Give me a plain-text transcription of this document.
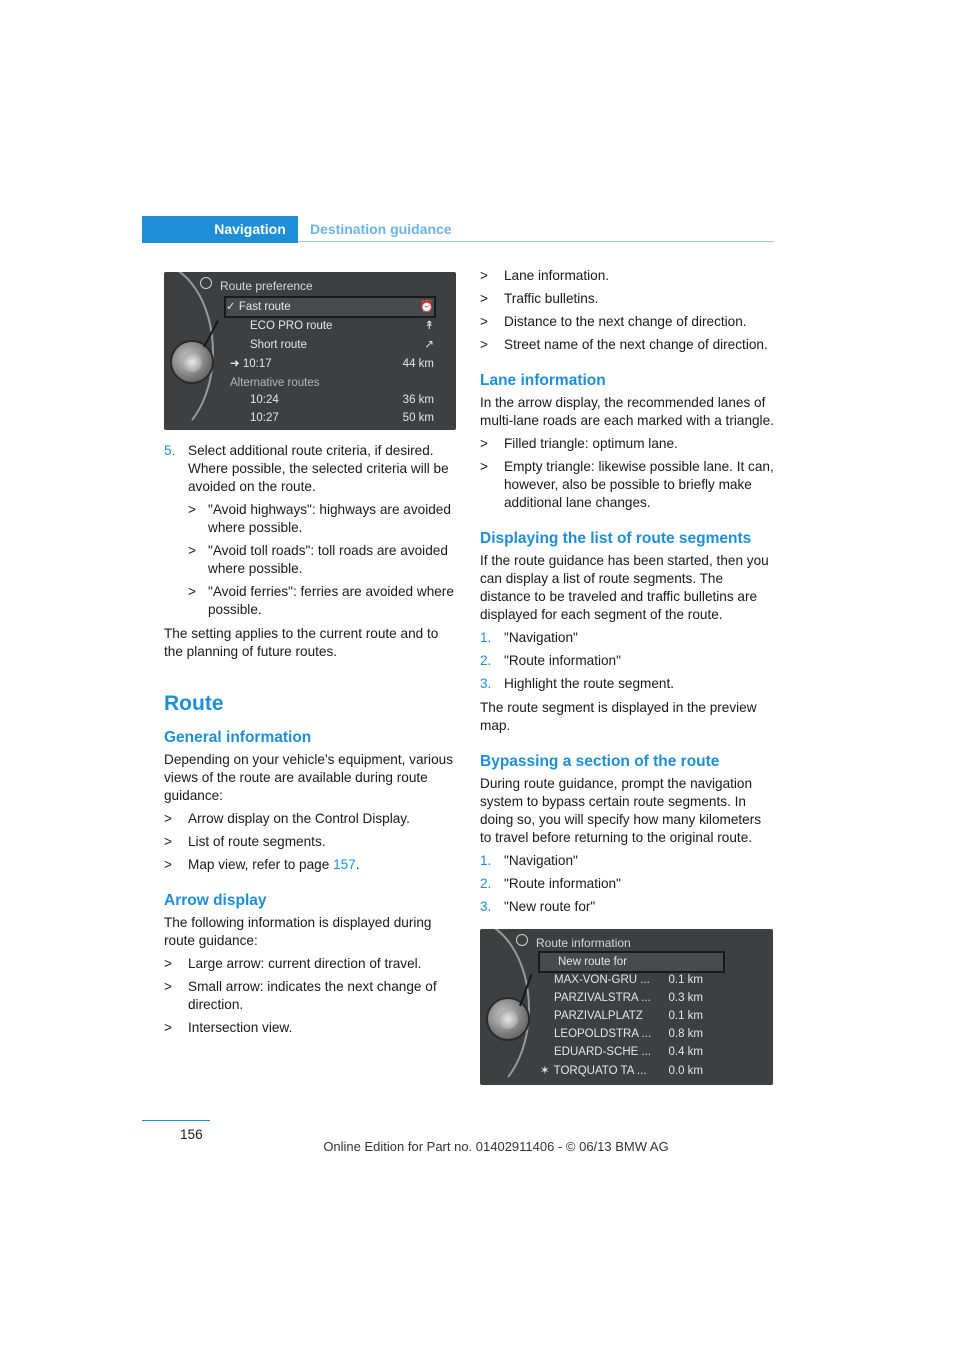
Navigation	Destination guidance
Route preference
✓ Fast route	⏰
ECO PRO route	↟
Short route	↗
➜ 10:17	44 km
Alternative routes
10:24	36 km
10:27	50 km
5. Select additional route criteria, if desired. Where possible, the selected criteria will be avoided on the route.
> "Avoid highways": highways are avoided where possible.
> "Avoid toll roads": toll roads are avoided where possible.
> "Avoid ferries": ferries are avoided where possible.

The setting applies to the current route and to the planning of future routes.

Route
General information

Depending on your vehicle's equipment, various views of the route are available during route guidance:

> Arrow display on the Control Display.
> List of route segments.
> Map view, refer to page 157.
Arrow display

The following information is displayed during route guidance:

> Large arrow: current direction of travel.
> Small arrow: indicates the next change of direction.
> Intersection view.
> Lane information.
> Traffic bulletins.
> Distance to the next change of direction.
> Street name of the next change of direction.
Lane information

In the arrow display, the recommended lanes of multi-lane roads are each marked with a triangle.

> Filled triangle: optimum lane.
> Empty triangle: likewise possible lane. It can, however, also be possible to briefly make additional lane changes.
Displaying the list of route segments

If the route guidance has been started, then you can display a list of route segments. The distance to be traveled and traffic bulletins are displayed for each segment of the route.

1. "Navigation"
2. "Route information"
3. Highlight the route segment.

The route segment is displayed in the preview map.

Bypassing a section of the route

During route guidance, prompt the navigation system to bypass certain route segments. In doing so, you will specify how many kilometers to travel before returning to the original route.

1. "Navigation"
2. "Route information"
3. "New route for"
Route information
New route for
MAX-VON-GRU ... 0.1 km
PARZIVALSTRA ... 0.3 km
PARZIVALPLATZ 0.1 km
LEOPOLDSTRA ... 0.8 km
EDUARD-SCHE ... 0.4 km
✶ TORQUATO TA ... 0.0 km
156
Online Edition for Part no. 01402911406 - © 06/13 BMW AG
